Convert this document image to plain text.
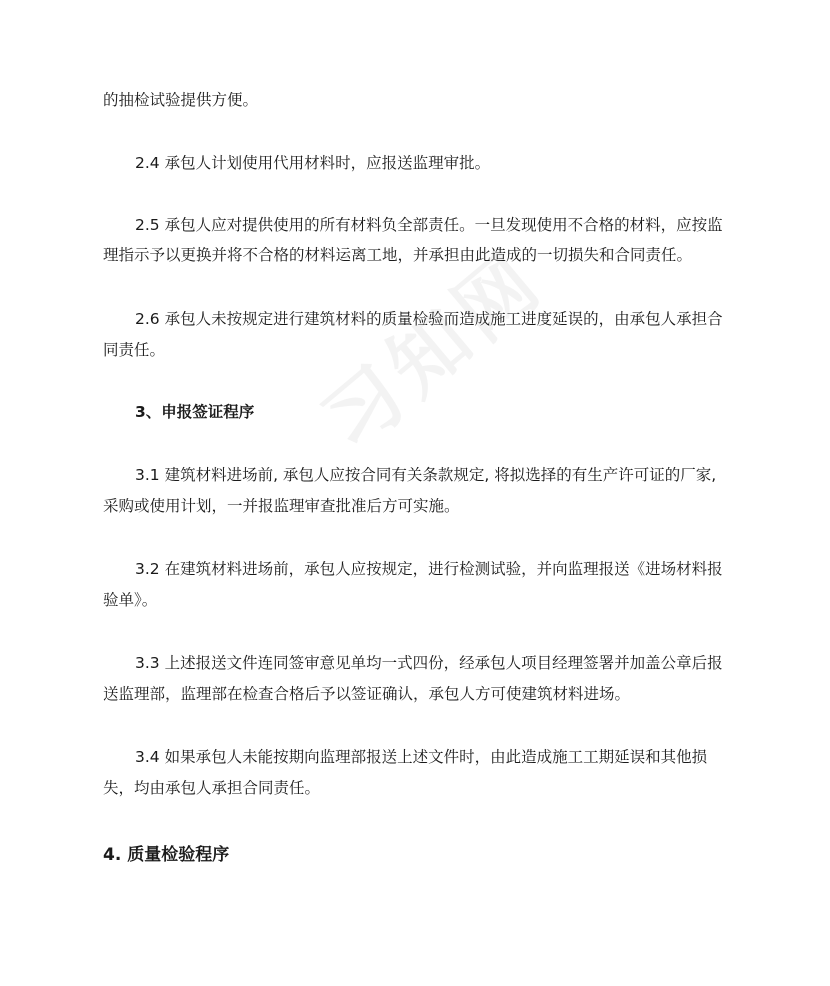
的抽检试验提供方便。
2.4 承包人计划使用代用材料时，应报送监理审批。
2.5 承包人应对提供使用的所有材料负全部责任。一旦发现使用不合格的材料，应按监
理指示予以更换并将不合格的材料运离工地，并承担由此造成的一切损失和合同责任。
2.6 承包人未按规定进行建筑材料的质量检验而造成施工进度延误的，由承包人承担合
同责任。
3、申报签证程序
3.1 建筑材料进场前, 承包人应按合同有关条款规定, 将拟选择的有生产许可证的厂家,
采购或使用计划，一并报监理审查批准后方可实施。
3.2 在建筑材料进场前，承包人应按规定，进行检测试验，并向监理报送《进场材料报
验单》。
3.3 上述报送文件连同签审意见单均一式四份，经承包人项目经理签署并加盖公章后报
送监理部，监理部在检查合格后予以签证确认，承包人方可使建筑材料进场。
3.4 如果承包人未能按期向监理部报送上述文件时，由此造成施工工期延误和其他损
失，均由承包人承担合同责任。
4. 质量检验程序
